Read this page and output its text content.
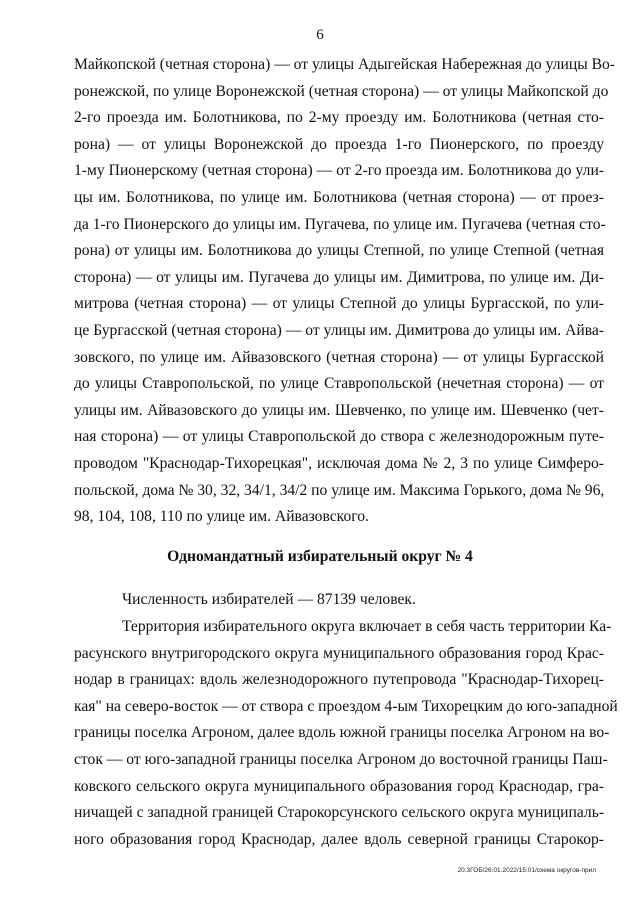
6
Майкопской (четная сторона) — от улицы Адыгейская Набережная до улицы Во-
ронежской, по улице Воронежской (четная сторона) — от улицы Майкопской до
2-го проезда им. Болотникова, по 2-му проезду им. Болотникова (четная сто-
рона) — от улицы Воронежской до проезда 1-го Пионерского, по проезду
1-му Пионерскому (четная сторона) — от 2-го проезда им. Болотникова до ули-
цы им. Болотникова, по улице им. Болотникова (четная сторона) — от проез-
да 1-го Пионерского до улицы им. Пугачева, по улице им. Пугачева (четная сто-
рона) от улицы им. Болотникова до улицы Степной, по улице Степной (четная
сторона) — от улицы им. Пугачева до улицы им. Димитрова, по улице им. Ди-
митрова (четная сторона) — от улицы Степной до улицы Бургасской, по ули-
це Бургасской (четная сторона) — от улицы им. Димитрова до улицы им. Айва-
зовского, по улице им. Айвазовского (четная сторона) — от улицы Бургасской
до улицы Ставропольской, по улице Ставропольской (нечетная сторона) — от
улицы им. Айвазовского до улицы им. Шевченко, по улице им. Шевченко (чет-
ная сторона) — от улицы Ставропольской до створа с железнодорожным путе-
проводом "Краснодар-Тихорецкая", исключая дома № 2, 3 по улице Симферо-
польской, дома № 30, 32, 34/1, 34/2 по улице им. Максима Горького, дома № 96,
98, 104, 108, 110 по улице им. Айвазовского.
Одномандатный избирательный округ № 4
Численность избирателей — 87139 человек.
Территория избирательного округа включает в себя часть территории Ка-
расунского внутригородского округа муниципального образования город Крас-
нодар в границах: вдоль железнодорожного путепровода "Краснодар-Тихорец-
кая" на северо-восток — от створа с проездом 4-ым Тихорецким до юго-западной
границы поселка Агроном, далее вдоль южной границы поселка Агроном на во-
сток — от юго-западной границы поселка Агроном до восточной границы Паш-
ковского сельского округа муниципального образования город Краснодар, гра-
ничащей с западной границей Старокорсунского сельского округа муниципаль-
ного образования город Краснодар, далее вдоль северной границы Старокор-
20.3ГОБ/26.01.2022/15:01/схема округов-прил
